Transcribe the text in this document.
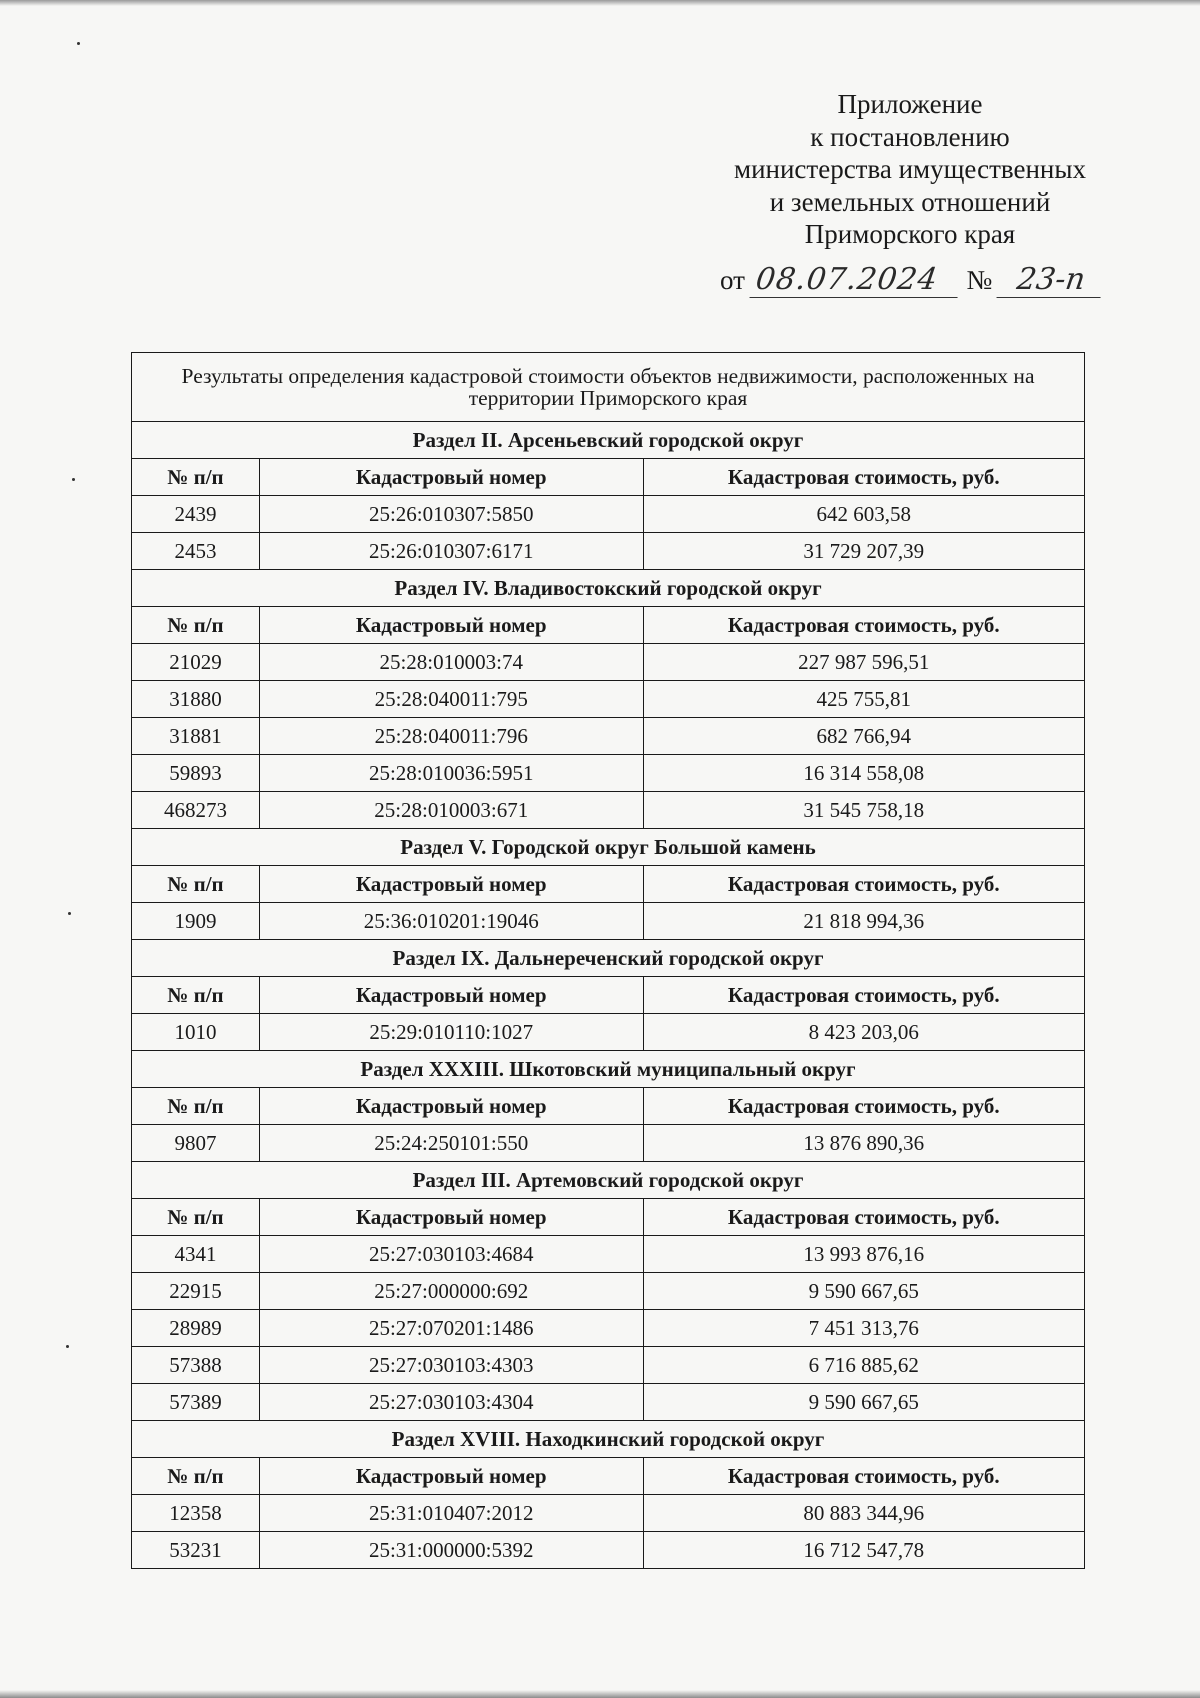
Приложение
к постановлению
министерства имущественных
и земельных отношений
Приморского края
от 08.07.2024 № 23-п
Результаты определения кадастровой стоимости объектов недвижимости, расположенных на территории Приморского края		
Раздел II. Арсеньевский городской округ		
№ п/п	Кадастровый номер	Кадастровая стоимость, руб.
2439	25:26:010307:5850	642 603,58
2453	25:26:010307:6171	31 729 207,39
Раздел IV. Владивостокский городской округ		
№ п/п	Кадастровый номер	Кадастровая стоимость, руб.
21029	25:28:010003:74	227 987 596,51
31880	25:28:040011:795	425 755,81
31881	25:28:040011:796	682 766,94
59893	25:28:010036:5951	16 314 558,08
468273	25:28:010003:671	31 545 758,18
Раздел V. Городской округ Большой камень		
№ п/п	Кадастровый номер	Кадастровая стоимость, руб.
1909	25:36:010201:19046	21 818 994,36
Раздел IX. Дальнереченский городской округ		
№ п/п	Кадастровый номер	Кадастровая стоимость, руб.
1010	25:29:010110:1027	8 423 203,06
Раздел XXXIII. Шкотовский муниципальный округ		
№ п/п	Кадастровый номер	Кадастровая стоимость, руб.
9807	25:24:250101:550	13 876 890,36
Раздел III. Артемовский городской округ		
№ п/п	Кадастровый номер	Кадастровая стоимость, руб.
4341	25:27:030103:4684	13 993 876,16
22915	25:27:000000:692	9 590 667,65
28989	25:27:070201:1486	7 451 313,76
57388	25:27:030103:4303	6 716 885,62
57389	25:27:030103:4304	9 590 667,65
Раздел XVIII. Находкинский городской округ		
№ п/п	Кадастровый номер	Кадастровая стоимость, руб.
12358	25:31:010407:2012	80 883 344,96
53231	25:31:000000:5392	16 712 547,78
